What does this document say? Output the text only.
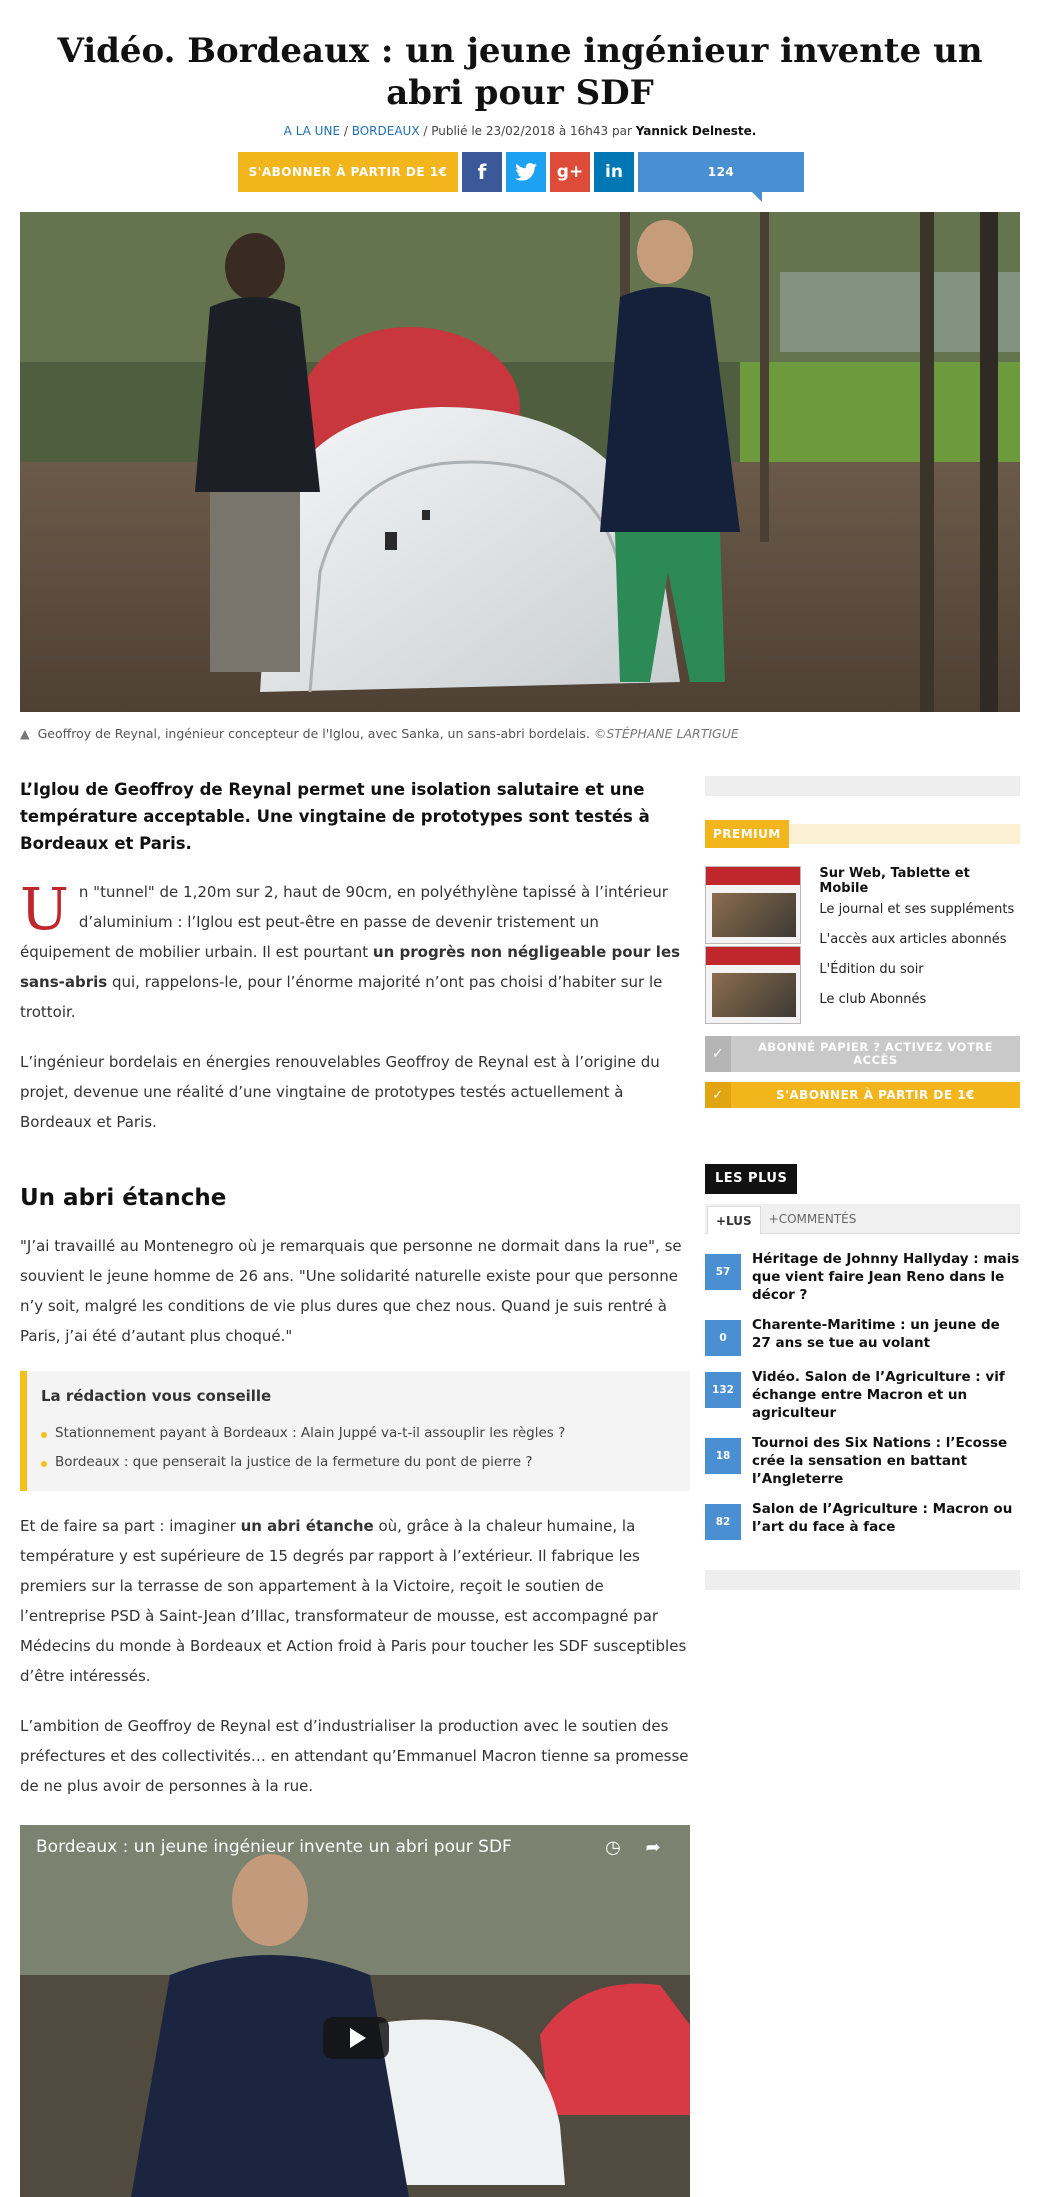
Vidéo. Bordeaux : un jeune ingénieur invente un abri pour SDF
A LA UNE / BORDEAUX / Publié le 23/02/2018 à 16h43 par Yannick Delneste.
S'ABONNER À PARTIR DE 1€	f	g+ in	124
▲ Geoffroy de Reynal, ingénieur concepteur de l'Iglou, avec Sanka, un sans-abri bordelais. ©STÉPHANE LARTIGUE

L’Iglou de Geoffroy de Reynal permet une isolation salutaire et une température acceptable. Une vingtaine de prototypes sont testés à Bordeaux et Paris.

Un "tunnel" de 1,20m sur 2, haut de 90cm, en polyéthylène tapissé à l’intérieur d’aluminium : l’Iglou est peut-être en passe de devenir tristement un équipement de mobilier urbain. Il est pourtant un progrès non négligeable pour les sans-abris qui, rappelons-le, pour l’énorme majorité n’ont pas choisi d’habiter sur le trottoir.

L’ingénieur bordelais en énergies renouvelables Geoffroy de Reynal est à l’origine du projet, devenue une réalité d’une vingtaine de prototypes testés actuellement à Bordeaux et Paris.

Un abri étanche

"J’ai travaillé au Montenegro où je remarquais que personne ne dormait dans la rue", se souvient le jeune homme de 26 ans. "Une solidarité naturelle existe pour que personne n’y soit, malgré les conditions de vie plus dures que chez nous. Quand je suis rentré à Paris, j’ai été d’autant plus choqué."

La rédaction vous conseille
Stationnement payant à Bordeaux : Alain Juppé va-t-il assouplir les règles ?
Bordeaux : que penserait la justice de la fermeture du pont de pierre ?

Et de faire sa part : imaginer un abri étanche où, grâce à la chaleur humaine, la température y est supérieure de 15 degrés par rapport à l’extérieur. Il fabrique les premiers sur la terrasse de son appartement à la Victoire, reçoit le soutien de l’entreprise PSD à Saint-Jean d’Illac, transformateur de mousse, est accompagné par Médecins du monde à Bordeaux et Action froid à Paris pour toucher les SDF susceptibles d’être intéressés.

L’ambition de Geoffroy de Reynal est d’industrialiser la production avec le soutien des préfectures et des collectivités… en attendant qu’Emmanuel Macron tienne sa promesse de ne plus avoir de personnes à la rue.

Bordeaux : un jeune ingénieur invente un abri pour SDF	◷ ➦
PREMIUM
Sur Web, Tablette et Mobile
Le journal et ses suppléments
L'accès aux articles abonnés
L'Édition du soir
Le club Abonnés
✓	ABONNÉ PAPIER ? ACTIVEZ VOTRE ACCÈS
✓	S'ABONNER À PARTIR DE 1€
LES PLUS
+LUS	+COMMENTÉS
57
Héritage de Johnny Hallyday : mais que vient faire Jean Reno dans le décor ?
0
Charente-Maritime : un jeune de 27 ans se tue au volant
132
Vidéo. Salon de l’Agriculture : vif échange entre Macron et un agriculteur
18
Tournoi des Six Nations : l’Ecosse crée la sensation en battant l’Angleterre
82
Salon de l’Agriculture : Macron ou l’art du face à face
